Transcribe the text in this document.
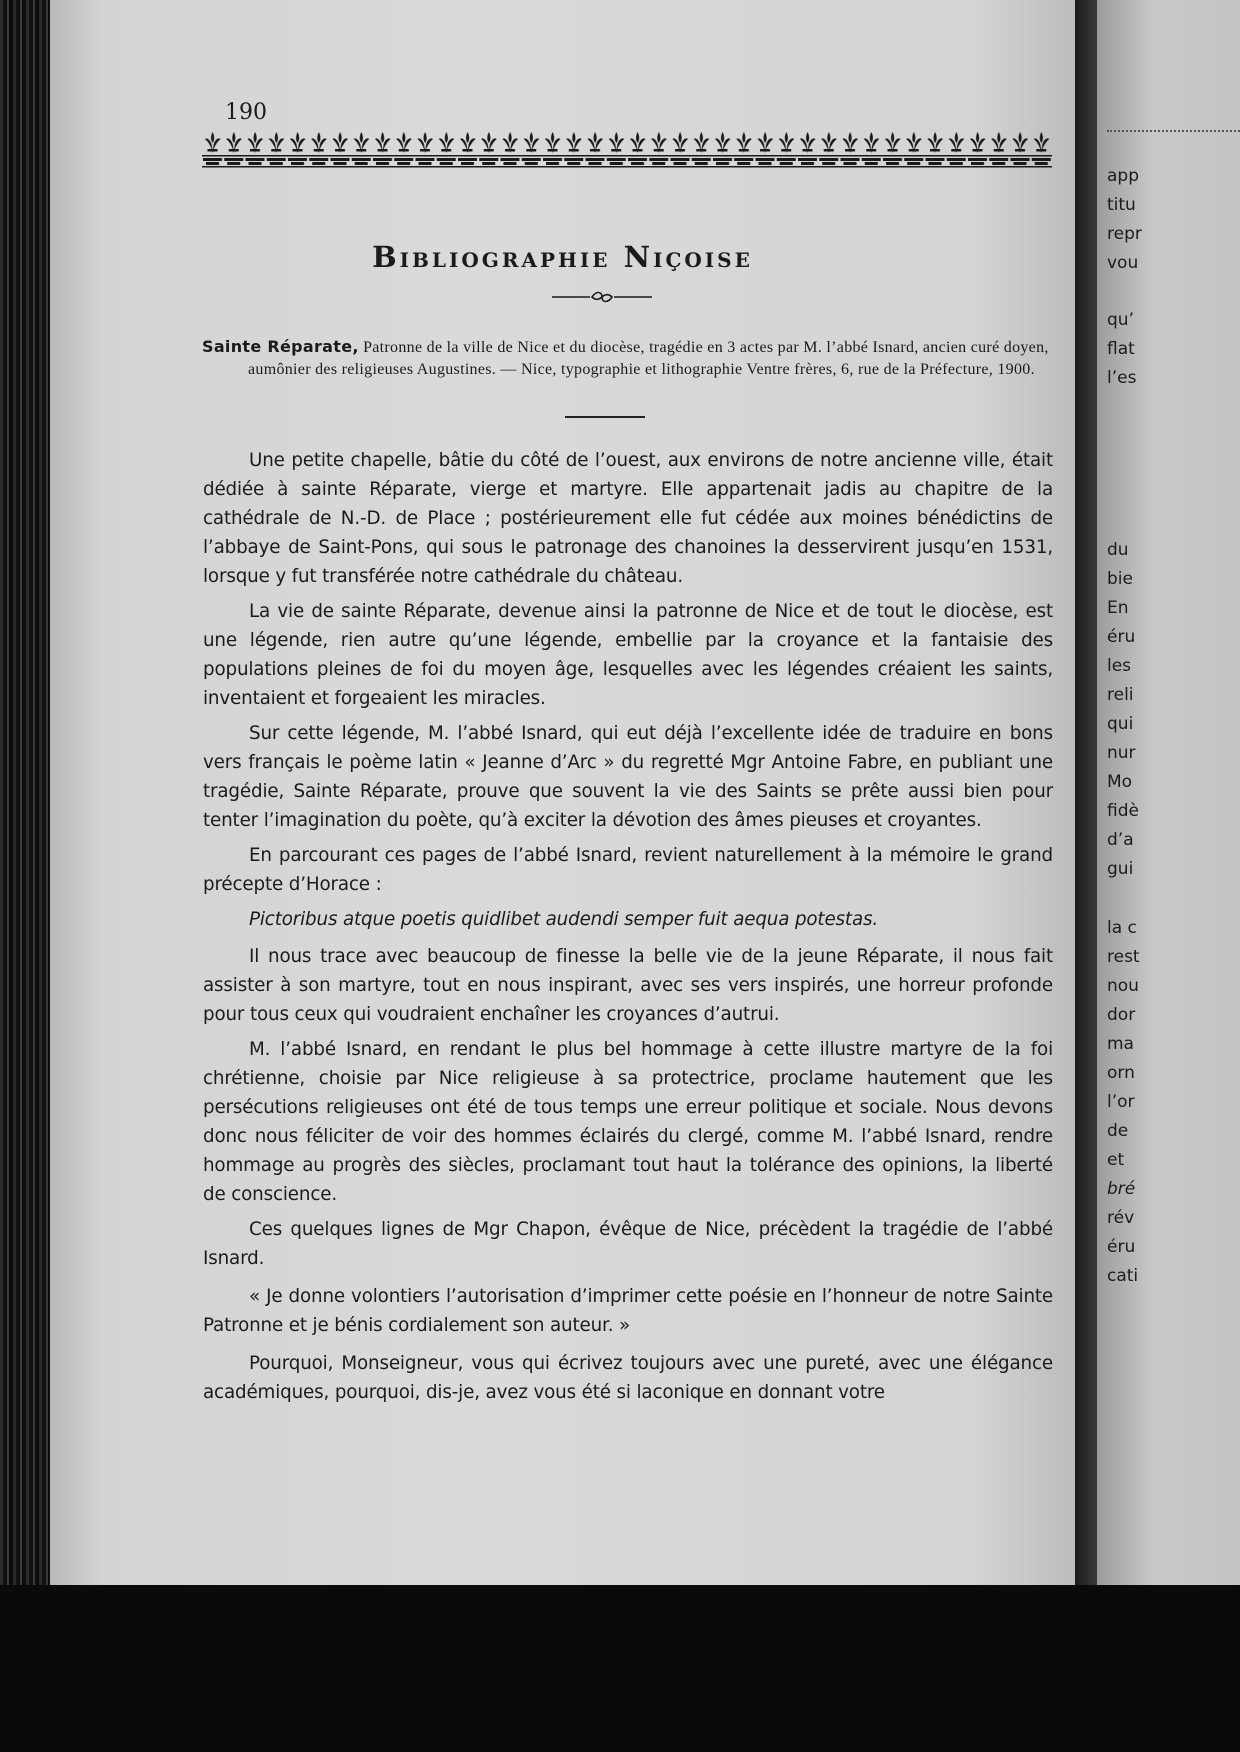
190
Bibliographie Niçoise
Sainte Réparate, Patronne de la ville de Nice et du diocèse, tragédie en 3 actes par M. l’abbé Isnard, ancien curé doyen, aumônier des religieuses Augustines. — Nice, typographie et lithographie Ventre frères, 6, rue de la Préfecture, 1900.

Une petite chapelle, bâtie du côté de l’ouest, aux environs de notre ancienne ville, était dédiée à sainte Réparate, vierge et martyre. Elle appartenait jadis au chapitre de la cathédrale de N.-D. de Place ; postérieurement elle fut cédée aux moines bénédictins de l’abbaye de Saint-Pons, qui sous le patronage des chanoines la desservirent jusqu’en 1531, lorsque y fut transférée notre cathédrale du château.

La vie de sainte Réparate, devenue ainsi la patronne de Nice et de tout le diocèse, est une légende, rien autre qu’une légende, embellie par la croyance et la fantaisie des populations pleines de foi du moyen âge, lesquelles avec les légendes créaient les saints, inventaient et forgeaient les miracles.

Sur cette légende, M. l’abbé Isnard, qui eut déjà l’excellente idée de traduire en bons vers français le poème latin « Jeanne d’Arc » du regretté Mgr Antoine Fabre, en publiant une tragédie, Sainte Réparate, prouve que souvent la vie des Saints se prête aussi bien pour tenter l’imagination du poète, qu’à exciter la dévotion des âmes pieuses et croyantes.

En parcourant ces pages de l’abbé Isnard, revient naturellement à la mémoire le grand précepte d’Horace :

Pictoribus atque poetis quidlibet audendi semper fuit aequa potestas.

Il nous trace avec beaucoup de finesse la belle vie de la jeune Réparate, il nous fait assister à son martyre, tout en nous inspirant, avec ses vers inspirés, une horreur profonde pour tous ceux qui voudraient enchaîner les croyances d’autrui.

M. l’abbé Isnard, en rendant le plus bel hommage à cette illustre martyre de la foi chrétienne, choisie par Nice religieuse à sa protectrice, proclame hautement que les persécutions religieuses ont été de tous temps une erreur politique et sociale. Nous devons donc nous féliciter de voir des hommes éclairés du clergé, comme M. l’abbé Isnard, rendre hommage au progrès des siècles, proclamant tout haut la tolérance des opinions, la liberté de conscience.

Ces quelques lignes de Mgr Chapon, évêque de Nice, précèdent la tragédie de l’abbé Isnard.

« Je donne volontiers l’autorisation d’imprimer cette poésie en l’honneur de notre Sainte Patronne et je bénis cordialement son auteur. »

Pourquoi, Monseigneur, vous qui écrivez toujours avec une pureté, avec une élégance académiques, pourquoi, dis-je, avez vous été si laconique en donnant votre

app
titu
repr
vou
qu’
flat
l’es
du
bie
En
éru
les
reli
qui
nur
Mo
fidè
d’a
gui
la c
rest
nou
dor
ma
orn
l’or
de
et
bré
rév
éru
cati
